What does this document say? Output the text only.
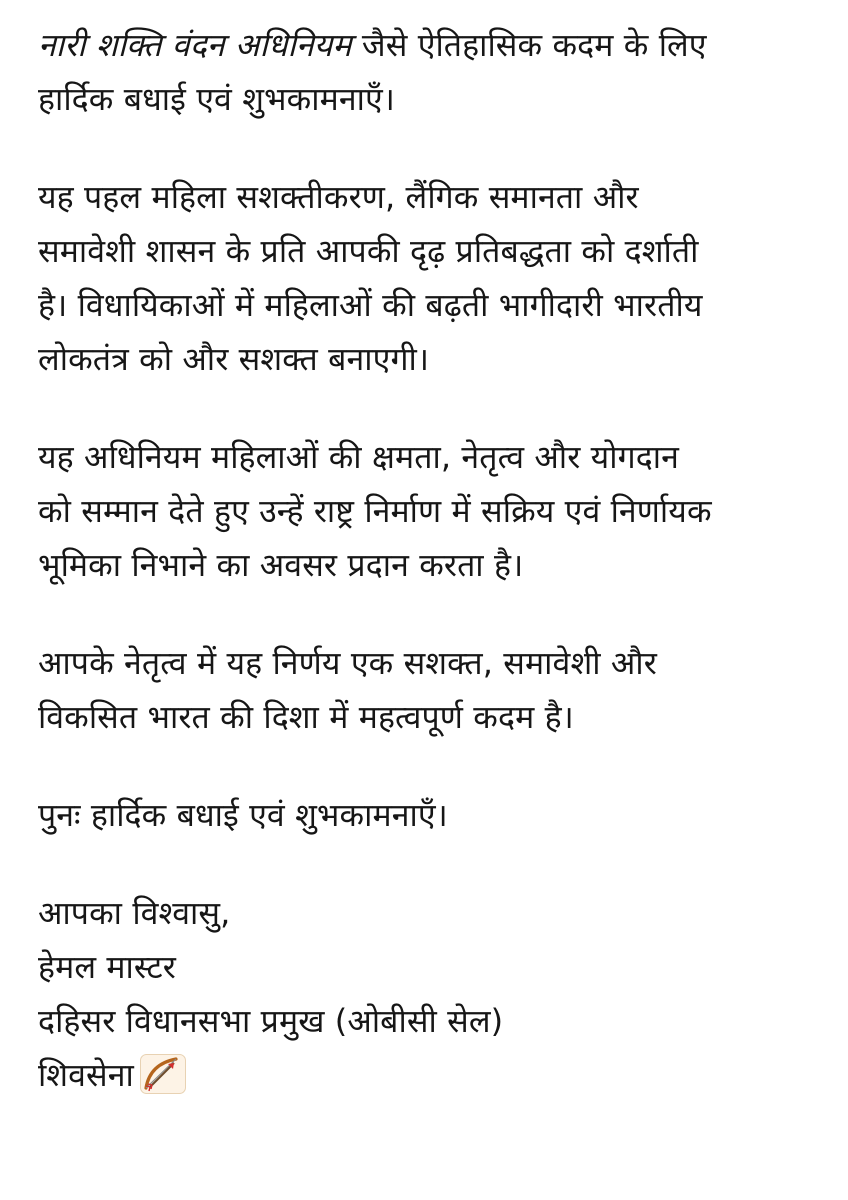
नारी शक्ति वंदन अधिनियम जैसे ऐतिहासिक कदम के लिए
हार्दिक बधाई एवं शुभकामनाएँ।
यह पहल महिला सशक्तीकरण, लैंगिक समानता और
समावेशी शासन के प्रति आपकी दृढ़ प्रतिबद्धता को दर्शाती
है। विधायिकाओं में महिलाओं की बढ़ती भागीदारी भारतीय
लोकतंत्र को और सशक्त बनाएगी।
यह अधिनियम महिलाओं की क्षमता, नेतृत्व और योगदान
को सम्मान देते हुए उन्हें राष्ट्र निर्माण में सक्रिय एवं निर्णायक
भूमिका निभाने का अवसर प्रदान करता है।
आपके नेतृत्व में यह निर्णय एक सशक्त, समावेशी और
विकसित भारत की दिशा में महत्वपूर्ण कदम है।
पुनः हार्दिक बधाई एवं शुभकामनाएँ।
आपका विश्वासु,
हेमल मास्टर
दहिसर विधानसभा प्रमुख (ओबीसी सेल)
शिवसेना
